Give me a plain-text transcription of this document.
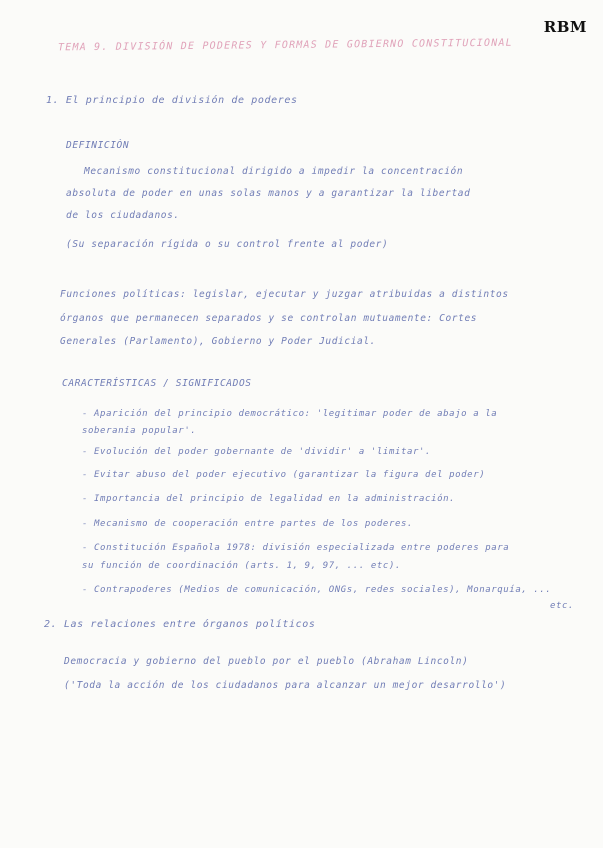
RBM
TEMA 9. DIVISIÓN DE PODERES Y FORMAS DE GOBIERNO CONSTITUCIONAL
1. El principio de división de poderes
DEFINICIÓN
Mecanismo constitucional dirigido a impedir la concentración
absoluta de poder en unas solas manos y a garantizar la libertad
de los ciudadanos.
(Su separación rígida o su control frente al poder)
Funciones políticas: legislar, ejecutar y juzgar atribuidas a distintos
órganos que permanecen separados y se controlan mutuamente: Cortes
Generales (Parlamento), Gobierno y Poder Judicial.
CARACTERÍSTICAS / SIGNIFICADOS
- Aparición del principio democrático: 'legitimar poder de abajo a la
soberanía popular'.
- Evolución del poder gobernante de 'dividir' a 'limitar'.
- Evitar abuso del poder ejecutivo (garantizar la figura del poder)
- Importancia del principio de legalidad en la administración.
- Mecanismo de cooperación entre partes de los poderes.
- Constitución Española 1978: división especializada entre poderes para
su función de coordinación (arts. 1, 9, 97, ... etc).
- Contrapoderes (Medios de comunicación, ONGs, redes sociales), Monarquía, ...
etc.
2. Las relaciones entre órganos políticos
Democracia y gobierno del pueblo por el pueblo (Abraham Lincoln)
('Toda la acción de los ciudadanos para alcanzar un mejor desarrollo')
